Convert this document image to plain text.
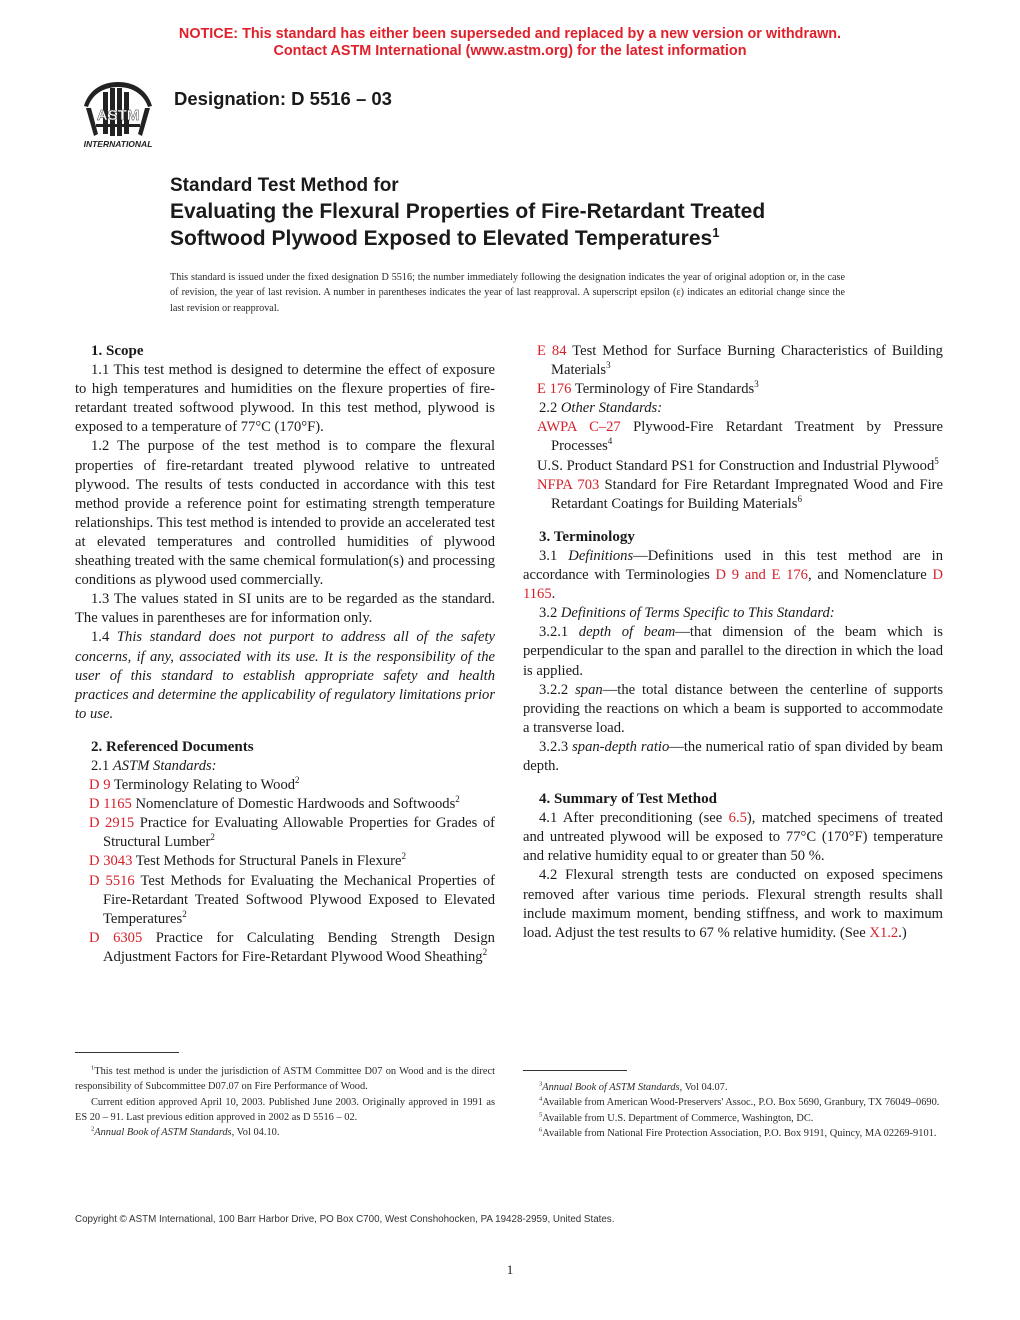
NOTICE: This standard has either been superseded and replaced by a new version or withdrawn.
Contact ASTM International (www.astm.org) for the latest information
ASTM
INTERNATIONAL
Designation: D 5516 – 03
Standard Test Method for
Evaluating the Flexural Properties of Fire-Retardant Treated
Softwood Plywood Exposed to Elevated Temperatures$^1$
This standard is issued under the fixed designation D 5516; the number immediately following the designation indicates the year of original adoption or, in the case of revision, the year of last revision. A number in parentheses indicates the year of last reapproval. A superscript epsilon (ε) indicates an editorial change since the last revision or reapproval.

1. Scope

1.1 This test method is designed to determine the effect of exposure to high temperatures and humidities on the flexure properties of fire-retardant treated softwood plywood. In this test method, plywood is exposed to a temperature of 77°C (170°F).

1.2 The purpose of the test method is to compare the flexural properties of fire-retardant treated plywood relative to untreated plywood. The results of tests conducted in accordance with this test method provide a reference point for estimating strength temperature relationships. This test method is intended to provide an accelerated test at elevated temperatures and controlled humidities of plywood sheathing treated with the same chemical formulation(s) and processing conditions as plywood used commercially.

1.3 The values stated in SI units are to be regarded as the standard. The values in parentheses are for information only.

1.4 This standard does not purport to address all of the safety concerns, if any, associated with its use. It is the responsibility of the user of this standard to establish appropriate safety and health practices and determine the applicability of regulatory limitations prior to use.

2. Referenced Documents

2.1 ASTM Standards:

D 9 Terminology Relating to Wood$^2$

D 1165 Nomenclature of Domestic Hardwoods and Softwoods$^2$

D 2915 Practice for Evaluating Allowable Properties for Grades of Structural Lumber$^2$

D 3043 Test Methods for Structural Panels in Flexure$^2$

D 5516 Test Methods for Evaluating the Mechanical Properties of Fire-Retardant Treated Softwood Plywood Exposed to Elevated Temperatures$^2$

D 6305 Practice for Calculating Bending Strength Design Adjustment Factors for Fire-Retardant Plywood Wood Sheathing$^2$

E 84 Test Method for Surface Burning Characteristics of Building Materials$^3$

E 176 Terminology of Fire Standards$^3$

2.2 Other Standards:

AWPA C–27 Plywood-Fire Retardant Treatment by Pressure Processes$^4$

U.S. Product Standard PS1 for Construction and Industrial Plywood$^5$

NFPA 703 Standard for Fire Retardant Impregnated Wood and Fire Retardant Coatings for Building Materials$^6$

3. Terminology

3.1 Definitions—Definitions used in this test method are in accordance with Terminologies D 9 and E 176, and Nomenclature D 1165.

3.2 Definitions of Terms Specific to This Standard:

3.2.1 depth of beam—that dimension of the beam which is perpendicular to the span and parallel to the direction in which the load is applied.

3.2.2 span—the total distance between the centerline of supports providing the reactions on which a beam is supported to accommodate a transverse load.

3.2.3 span-depth ratio—the numerical ratio of span divided by beam depth.

4. Summary of Test Method

4.1 After preconditioning (see 6.5), matched specimens of treated and untreated plywood will be exposed to 77°C (170°F) temperature and relative humidity equal to or greater than 50 %.

4.2 Flexural strength tests are conducted on exposed specimens removed after various time periods. Flexural strength results shall include maximum moment, bending stiffness, and work to maximum load. Adjust the test results to 67 % relative humidity. (See X1.2.)

$^1$This test method is under the jurisdiction of ASTM Committee D07 on Wood and is the direct responsibility of Subcommittee D07.07 on Fire Performance of Wood.

Current edition approved April 10, 2003. Published June 2003. Originally approved in 1991 as ES 20 – 91. Last previous edition approved in 2002 as D 5516 – 02.

$^2$Annual Book of ASTM Standards, Vol 04.10.

$^3$Annual Book of ASTM Standards, Vol 04.07.

$^4$Available from American Wood-Preservers' Assoc., P.O. Box 5690, Granbury, TX 76049–0690.

$^5$Available from U.S. Department of Commerce, Washington, DC.

$^6$Available from National Fire Protection Association, P.O. Box 9191, Quincy, MA 02269-9101.

Copyright © ASTM International, 100 Barr Harbor Drive, PO Box C700, West Conshohocken, PA 19428-2959, United States.
1
